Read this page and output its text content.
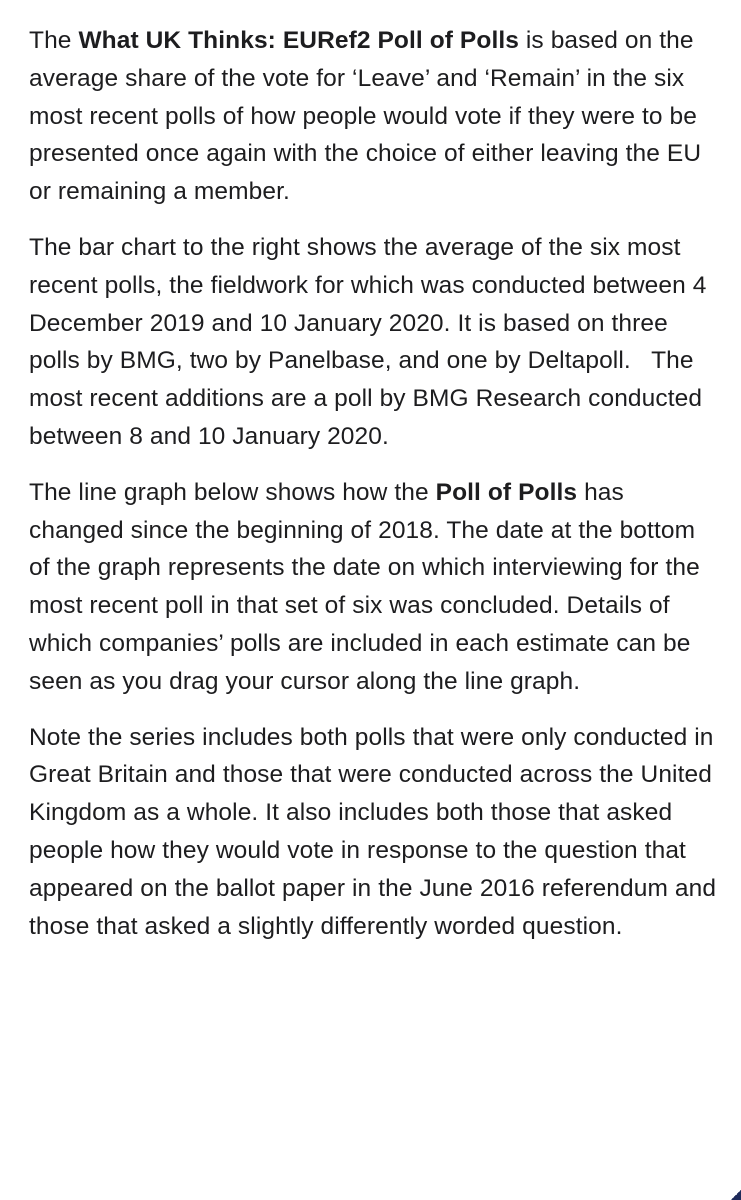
The What UK Thinks: EURef2 Poll of Polls is based on the average share of the vote for ‘Leave’ and ‘Remain’ in the six most recent polls of how people would vote if they were to be presented once again with the choice of either leaving the EU or remaining a member.

The bar chart to the right shows the average of the six most recent polls, the fieldwork for which was conducted between 4 December 2019 and 10 January 2020. It is based on three polls by BMG, two by Panelbase, and one by Deltapoll.   The most recent additions are a poll by BMG Research conducted between 8 and 10 January 2020.

The line graph below shows how the Poll of Polls has changed since the beginning of 2018. The date at the bottom of the graph represents the date on which interviewing for the most recent poll in that set of six was concluded. Details of which companies’ polls are included in each estimate can be seen as you drag your cursor along the line graph.

Note the series includes both polls that were only conducted in Great Britain and those that were conducted across the United Kingdom as a whole. It also includes both those that asked people how they would vote in response to the question that appeared on the ballot paper in the June 2016 referendum and those that asked a slightly differently worded question.
